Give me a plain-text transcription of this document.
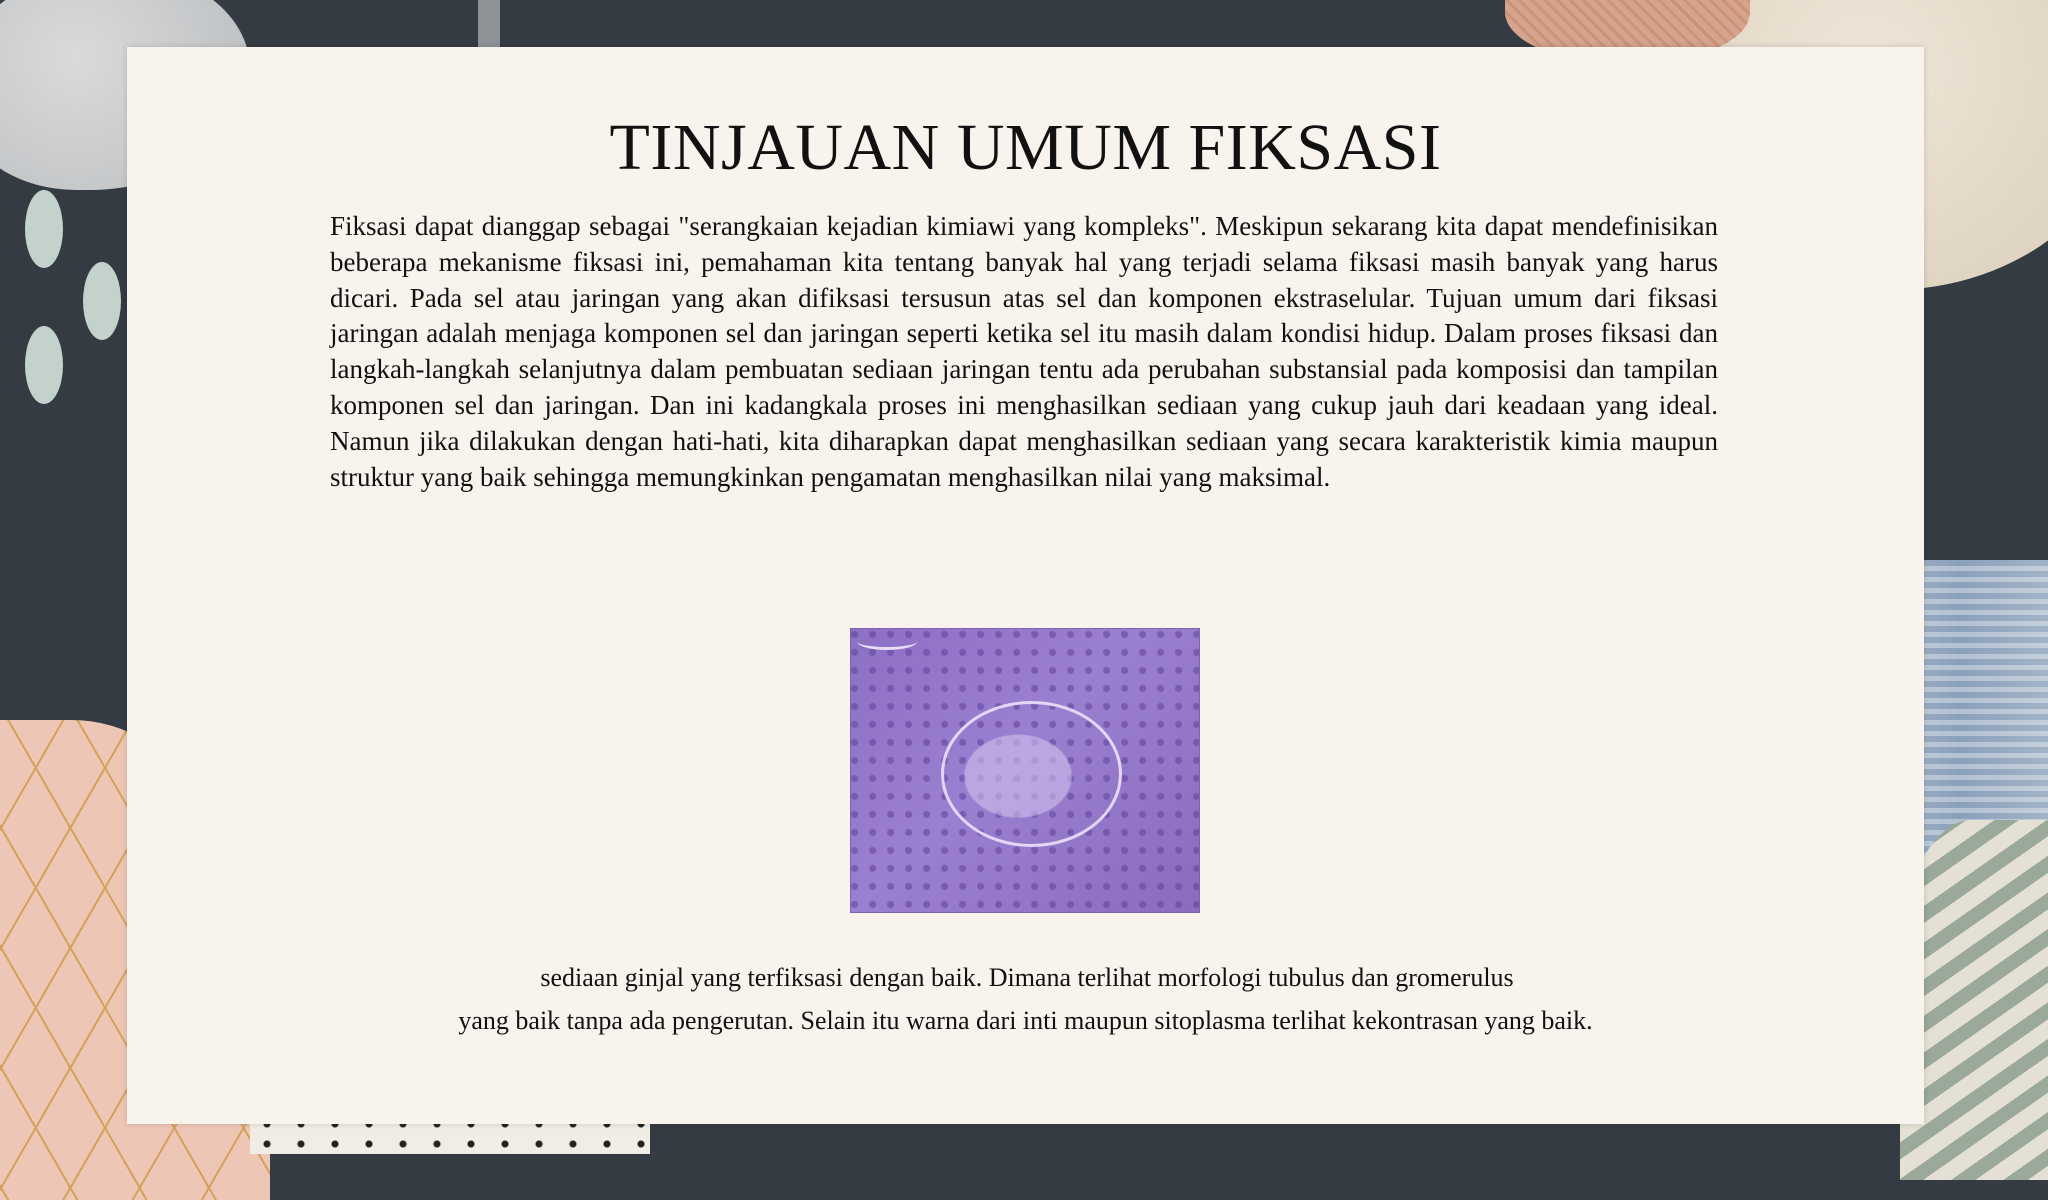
TINJAUAN UMUM FIKSASI
Fiksasi dapat dianggap sebagai "serangkaian kejadian kimiawi yang kompleks". Meskipun sekarang kita dapat mendefinisikan beberapa mekanisme fiksasi ini, pemahaman kita tentang banyak hal yang terjadi selama fiksasi masih banyak yang harus dicari. Pada sel atau jaringan yang akan difiksasi tersusun atas sel dan komponen ekstraselular. Tujuan umum dari fiksasi jaringan adalah menjaga komponen sel dan jaringan seperti ketika sel itu masih dalam kondisi hidup. Dalam proses fiksasi dan langkah-langkah selanjutnya dalam pembuatan sediaan jaringan tentu ada perubahan substansial pada komposisi dan tampilan komponen sel dan jaringan. Dan ini kadangkala proses ini menghasilkan sediaan yang cukup jauh dari keadaan yang ideal. Namun jika dilakukan dengan hati-hati, kita diharapkan dapat menghasilkan sediaan yang secara karakteristik kimia maupun struktur yang baik sehingga memungkinkan pengamatan menghasilkan nilai yang maksimal.
sediaan ginjal yang terfiksasi dengan baik. Dimana terlihat morfologi tubulus dan gromerulus
yang baik tanpa ada pengerutan. Selain itu warna dari inti maupun sitoplasma terlihat kekontrasan yang baik.
